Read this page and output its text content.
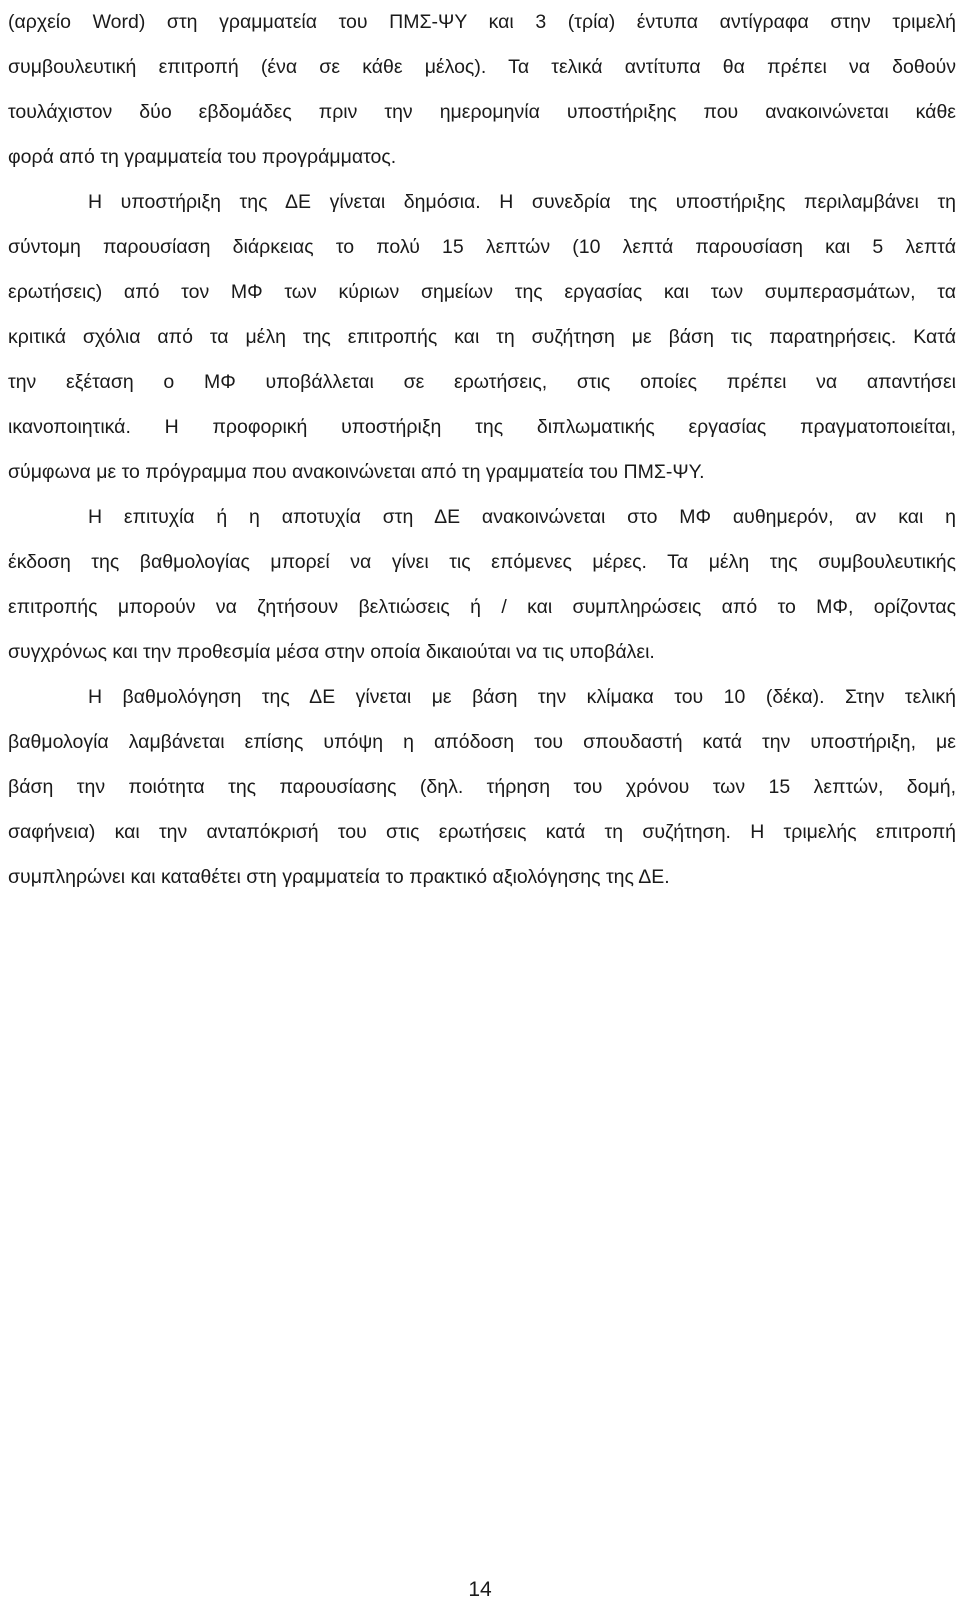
(αρχείο Word) στη γραμματεία του ΠΜΣ-ΨΥ και 3 (τρία) έντυπα αντίγραφα στην τριμελή
συμβουλευτική επιτροπή (ένα σε κάθε μέλος). Τα τελικά αντίτυπα θα πρέπει να δοθούν
τουλάχιστον δύο εβδομάδες πριν την ημερομηνία υποστήριξης που ανακοινώνεται κάθε
φορά από τη γραμματεία του προγράμματος.
Η υποστήριξη της ΔΕ γίνεται δημόσια. Η συνεδρία της υποστήριξης περιλαμβάνει τη
σύντομη παρουσίαση διάρκειας το πολύ 15 λεπτών (10 λεπτά παρουσίαση και 5 λεπτά
ερωτήσεις) από τον ΜΦ των κύριων σημείων της εργασίας και των συμπερασμάτων, τα
κριτικά σχόλια από τα μέλη της επιτροπής και τη συζήτηση με βάση τις παρατηρήσεις. Κατά
την εξέταση ο ΜΦ υποβάλλεται σε ερωτήσεις, στις οποίες πρέπει να απαντήσει
ικανοποιητικά. Η προφορική υποστήριξη της διπλωματικής εργασίας πραγματοποιείται,
σύμφωνα με το πρόγραμμα που ανακοινώνεται από τη γραμματεία του ΠΜΣ-ΨΥ.
Η επιτυχία ή η αποτυχία στη ΔΕ ανακοινώνεται στο ΜΦ αυθημερόν, αν και η
έκδοση της βαθμολογίας μπορεί να γίνει τις επόμενες μέρες. Τα μέλη της συμβουλευτικής
επιτροπής μπορούν να ζητήσουν βελτιώσεις ή / και συμπληρώσεις από το ΜΦ, ορίζοντας
συγχρόνως και την προθεσμία μέσα στην οποία δικαιούται να τις υποβάλει.
Η βαθμολόγηση της ΔΕ γίνεται με βάση την κλίμακα του 10 (δέκα). Στην τελική
βαθμολογία λαμβάνεται επίσης υπόψη η απόδοση του σπουδαστή κατά την υποστήριξη, με
βάση την ποιότητα της παρουσίασης (δηλ. τήρηση του χρόνου των 15 λεπτών, δομή,
σαφήνεια) και την ανταπόκρισή του στις ερωτήσεις κατά τη συζήτηση. Η τριμελής επιτροπή
συμπληρώνει και καταθέτει στη γραμματεία το πρακτικό αξιολόγησης της ΔΕ.
14
